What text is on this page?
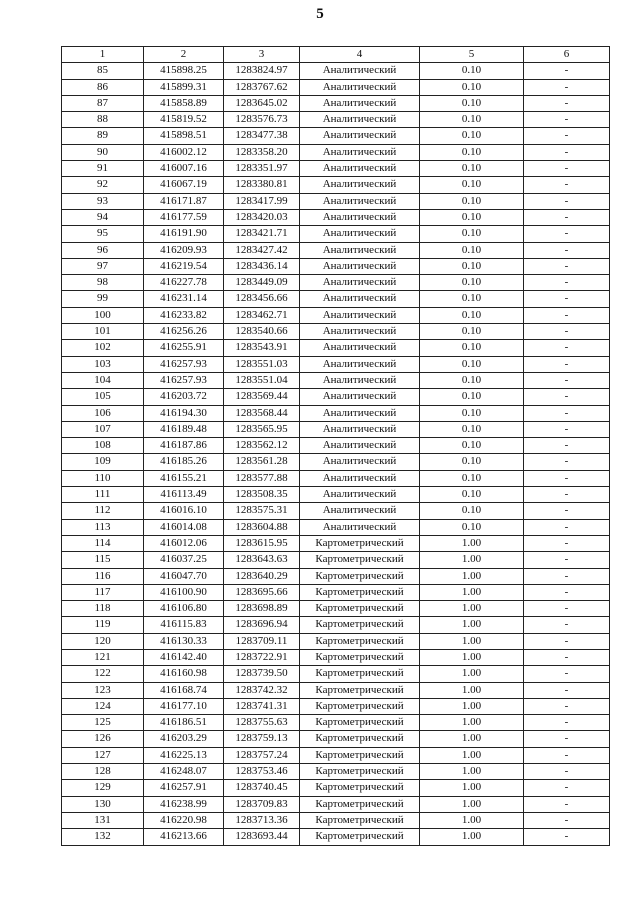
5
1	2	3	4	5	6
85	415898.25	1283824.97	Аналитический	0.10	-
86	415899.31	1283767.62	Аналитический	0.10	-
87	415858.89	1283645.02	Аналитический	0.10	-
88	415819.52	1283576.73	Аналитический	0.10	-
89	415898.51	1283477.38	Аналитический	0.10	-
90	416002.12	1283358.20	Аналитический	0.10	-
91	416007.16	1283351.97	Аналитический	0.10	-
92	416067.19	1283380.81	Аналитический	0.10	-
93	416171.87	1283417.99	Аналитический	0.10	-
94	416177.59	1283420.03	Аналитический	0.10	-
95	416191.90	1283421.71	Аналитический	0.10	-
96	416209.93	1283427.42	Аналитический	0.10	-
97	416219.54	1283436.14	Аналитический	0.10	-
98	416227.78	1283449.09	Аналитический	0.10	-
99	416231.14	1283456.66	Аналитический	0.10	-
100	416233.82	1283462.71	Аналитический	0.10	-
101	416256.26	1283540.66	Аналитический	0.10	-
102	416255.91	1283543.91	Аналитический	0.10	-
103	416257.93	1283551.03	Аналитический	0.10	-
104	416257.93	1283551.04	Аналитический	0.10	-
105	416203.72	1283569.44	Аналитический	0.10	-
106	416194.30	1283568.44	Аналитический	0.10	-
107	416189.48	1283565.95	Аналитический	0.10	-
108	416187.86	1283562.12	Аналитический	0.10	-
109	416185.26	1283561.28	Аналитический	0.10	-
110	416155.21	1283577.88	Аналитический	0.10	-
111	416113.49	1283508.35	Аналитический	0.10	-
112	416016.10	1283575.31	Аналитический	0.10	-
113	416014.08	1283604.88	Аналитический	0.10	-
114	416012.06	1283615.95	Картометрический	1.00	-
115	416037.25	1283643.63	Картометрический	1.00	-
116	416047.70	1283640.29	Картометрический	1.00	-
117	416100.90	1283695.66	Картометрический	1.00	-
118	416106.80	1283698.89	Картометрический	1.00	-
119	416115.83	1283696.94	Картометрический	1.00	-
120	416130.33	1283709.11	Картометрический	1.00	-
121	416142.40	1283722.91	Картометрический	1.00	-
122	416160.98	1283739.50	Картометрический	1.00	-
123	416168.74	1283742.32	Картометрический	1.00	-
124	416177.10	1283741.31	Картометрический	1.00	-
125	416186.51	1283755.63	Картометрический	1.00	-
126	416203.29	1283759.13	Картометрический	1.00	-
127	416225.13	1283757.24	Картометрический	1.00	-
128	416248.07	1283753.46	Картометрический	1.00	-
129	416257.91	1283740.45	Картометрический	1.00	-
130	416238.99	1283709.83	Картометрический	1.00	-
131	416220.98	1283713.36	Картометрический	1.00	-
132	416213.66	1283693.44	Картометрический	1.00	-
